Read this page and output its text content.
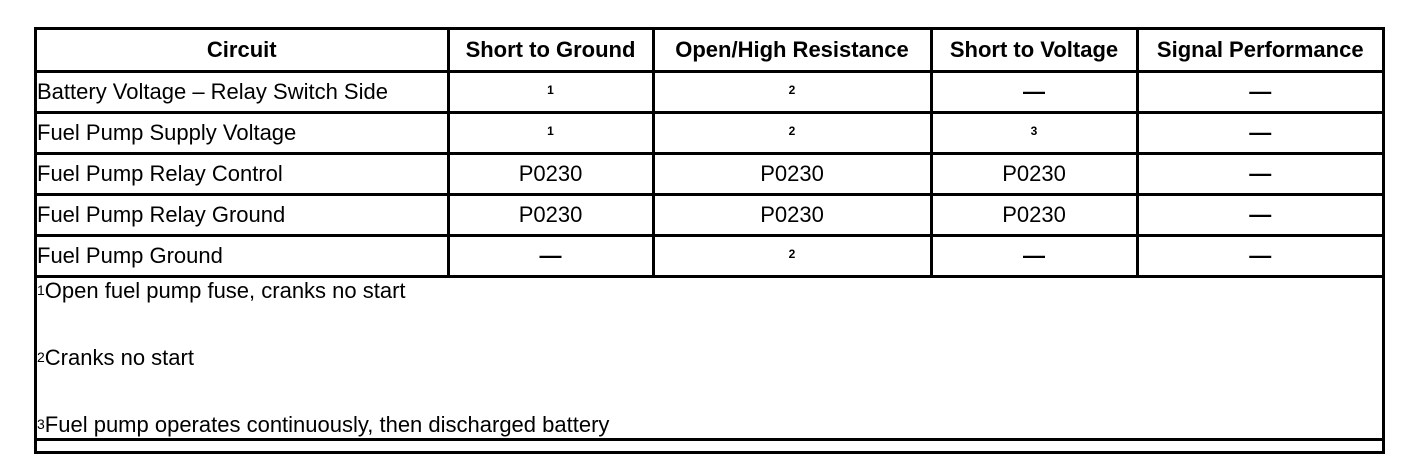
Circuit	Short to Ground	Open/High Resistance	Short to Voltage	Signal Performance
Battery Voltage – Relay Switch Side	1	2	—	—
Fuel Pump Supply Voltage	1	2	3	—
Fuel Pump Relay Control	P0230	P0230	P0230	—
Fuel Pump Relay Ground	P0230	P0230	P0230	—
Fuel Pump Ground	—	2	—	—

$^1$Open fuel pump fuse, cranks no start
$^2$Cranks no start
$^3$Fuel pump operates continuously, then discharged battery				
